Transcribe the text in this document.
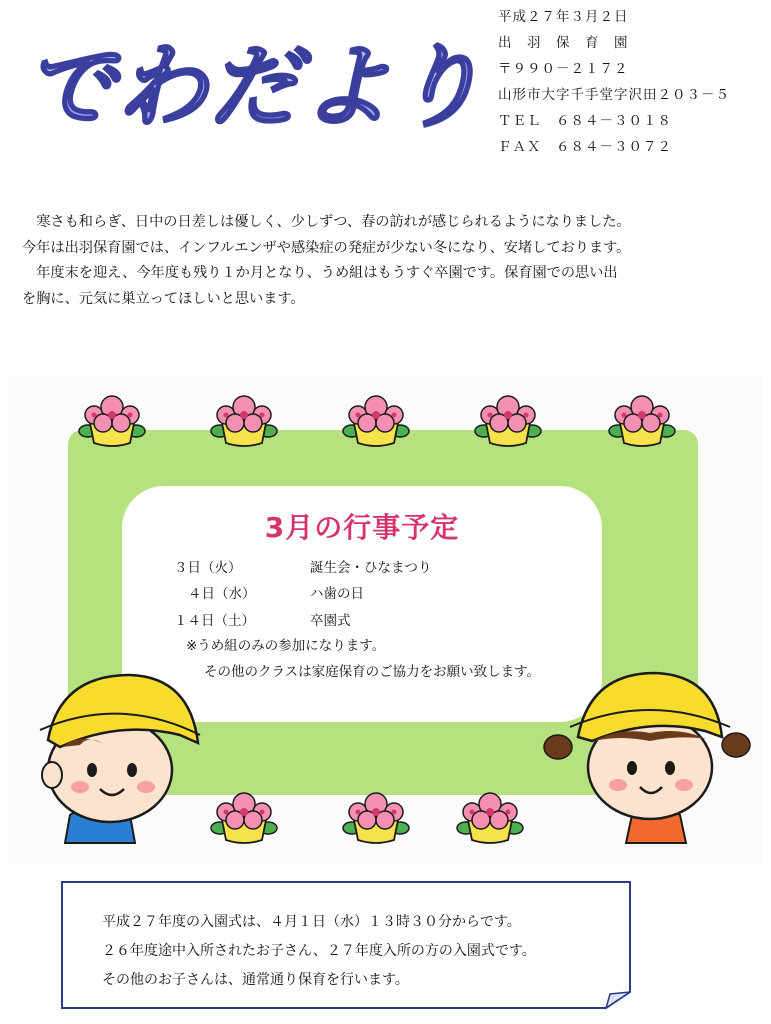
でわだより
平成２７年３月２日
出　羽　保　育　園
〒９９０－２１７２
山形市大字千手堂字沢田２０３－５
ＴＥＬ　６８４－３０１８
ＦＡＸ　６８４－３０７２

　寒さも和らぎ、日中の日差しは優しく、少しずつ、春の訪れが感じられるようになりました。

今年は出羽保育園では、インフルエンザや感染症の発症が少ない冬になり、安堵しております。

　年度末を迎え、今年度も残り１か月となり、うめ組はもうすぐ卒園です。保育園での思い出

を胸に、元気に巣立ってほしいと思います。

3月の行事予定
３日（火）	誕生会・ひなまつり
４日（水）	ハ歯の日
１４日（土）	卒園式
※うめ組のみの参加になります。
その他のクラスは家庭保育のご協力をお願い致します。

平成２７年度の入園式は、４月１日（水）１３時３０分からです。

２６年度途中入所されたお子さん、２７年度入所の方の入園式です。

その他のお子さんは、通常通り保育を行います。
